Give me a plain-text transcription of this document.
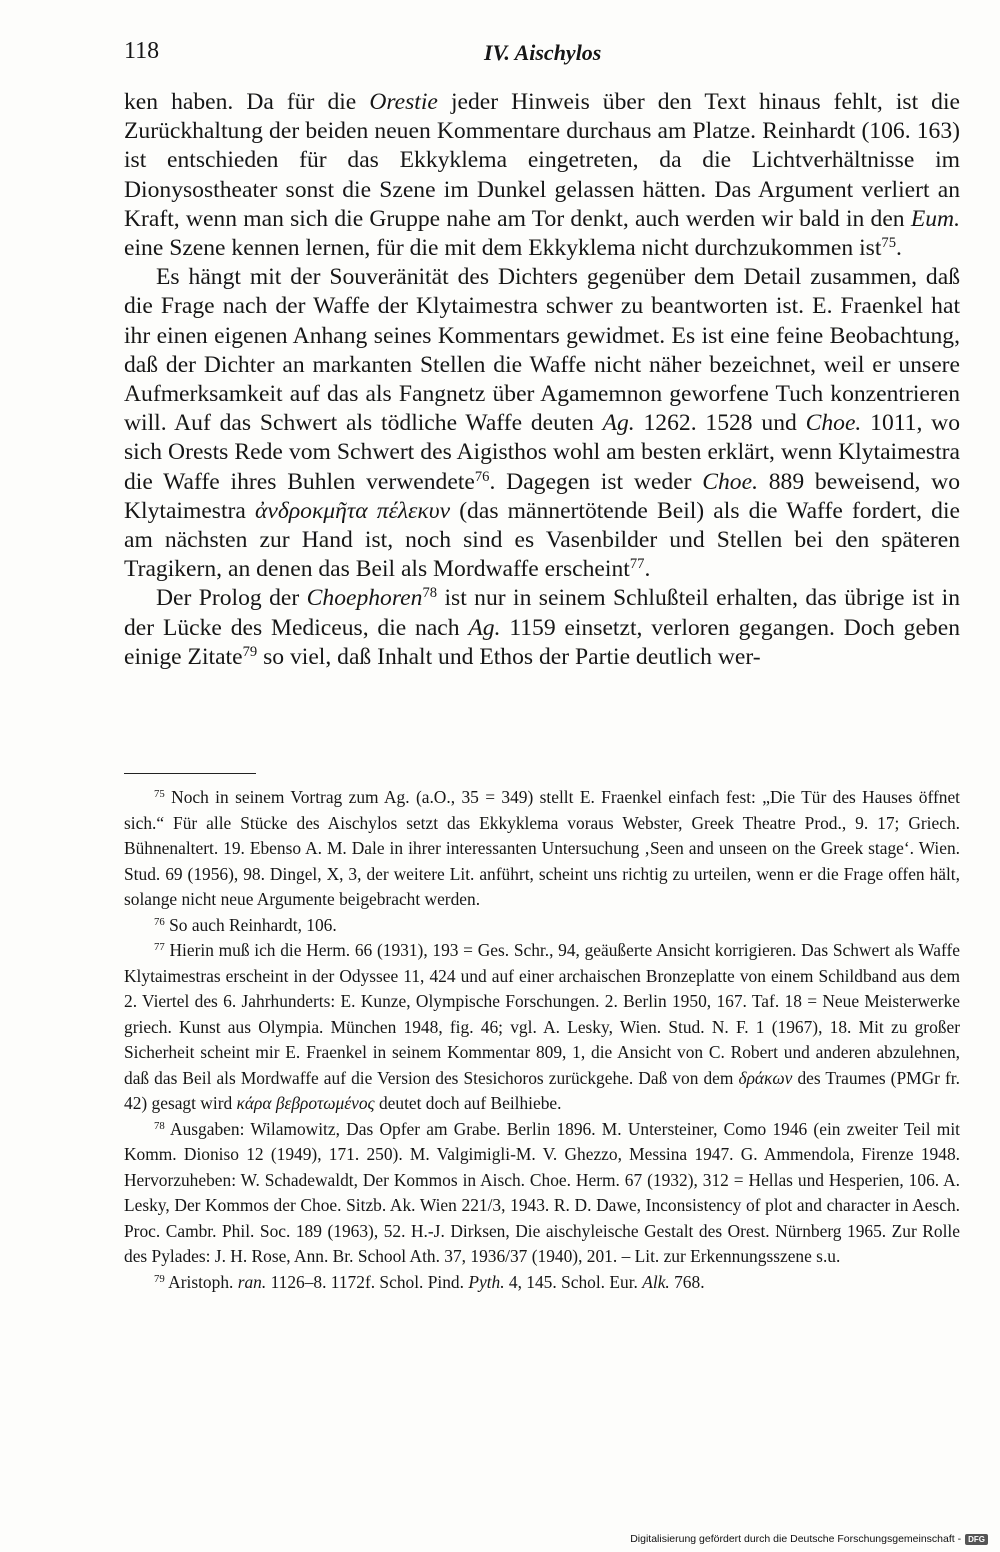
118	IV. Aischylos

ken haben. Da für die Orestie jeder Hinweis über den Text hinaus fehlt, ist die Zurückhaltung der beiden neuen Kommentare durchaus am Platze. Reinhardt (106. 163) ist entschieden für das Ekkyklema eingetreten, da die Lichtverhältnisse im Dionysostheater sonst die Szene im Dunkel gelassen hätten. Das Argument verliert an Kraft, wenn man sich die Gruppe nahe am Tor denkt, auch werden wir bald in den Eum. eine Szene kennen lernen, für die mit dem Ekkyklema nicht durchzukommen ist$^{75}$.

Es hängt mit der Souveränität des Dichters gegenüber dem Detail zusammen, daß die Frage nach der Waffe der Klytaimestra schwer zu beantworten ist. E. Fraenkel hat ihr einen eigenen Anhang seines Kommentars gewidmet. Es ist eine feine Beobachtung, daß der Dichter an markanten Stellen die Waffe nicht näher bezeichnet, weil er unsere Aufmerksamkeit auf das als Fangnetz über Agamemnon geworfene Tuch konzentrieren will. Auf das Schwert als tödliche Waffe deuten Ag. 1262. 1528 und Choe. 1011, wo sich Orests Rede vom Schwert des Aigisthos wohl am besten erklärt, wenn Klytaimestra die Waffe ihres Buhlen verwendete$^{76}$. Dagegen ist weder Choe. 889 beweisend, wo Klytaimestra ἀνδροκμῆτα πέλεκυν (das männertötende Beil) als die Waffe fordert, die am nächsten zur Hand ist, noch sind es Vasenbilder und Stellen bei den späteren Tragikern, an denen das Beil als Mordwaffe erscheint$^{77}$.

Der Prolog der Choephoren$^{78}$ ist nur in seinem Schlußteil erhalten, das übrige ist in der Lücke des Mediceus, die nach Ag. 1159 einsetzt, verloren gegangen. Doch geben einige Zitate$^{79}$ so viel, daß Inhalt und Ethos der Partie deutlich wer-

$^{75}$ Noch in seinem Vortrag zum Ag. (a.O., 35 = 349) stellt E. Fraenkel einfach fest: „Die Tür des Hauses öffnet sich.“ Für alle Stücke des Aischylos setzt das Ekkyklema voraus Webster, Greek Theatre Prod., 9. 17; Griech. Bühnenaltert. 19. Ebenso A. M. Dale in ihrer interessanten Untersuchung ‚Seen and unseen on the Greek stage‘. Wien. Stud. 69 (1956), 98. Dingel, X, 3, der weitere Lit. anführt, scheint uns richtig zu urteilen, wenn er die Frage offen hält, solange nicht neue Argumente beigebracht werden.

$^{76}$ So auch Reinhardt, 106.

$^{77}$ Hierin muß ich die Herm. 66 (1931), 193 = Ges. Schr., 94, geäußerte Ansicht korrigieren. Das Schwert als Waffe Klytaimestras erscheint in der Odyssee 11, 424 und auf einer archaischen Bronzeplatte von einem Schildband aus dem 2. Viertel des 6. Jahrhunderts: E. Kunze, Olympische Forschungen. 2. Berlin 1950, 167. Taf. 18 = Neue Meisterwerke griech. Kunst aus Olympia. München 1948, fig. 46; vgl. A. Lesky, Wien. Stud. N. F. 1 (1967), 18. Mit zu großer Sicherheit scheint mir E. Fraenkel in seinem Kommentar 809, 1, die Ansicht von C. Robert und anderen abzulehnen, daß das Beil als Mordwaffe auf die Version des Stesichoros zurückgehe. Daß von dem δράκων des Traumes (PMGr fr. 42) gesagt wird κάρα βεβροτωμένος deutet doch auf Beilhiebe.

$^{78}$ Ausgaben: Wilamowitz, Das Opfer am Grabe. Berlin 1896. M. Untersteiner, Como 1946 (ein zweiter Teil mit Komm. Dioniso 12 (1949), 171. 250). M. Valgimigli-M. V. Ghezzo, Messina 1947. G. Ammendola, Firenze 1948. Hervorzuheben: W. Schadewaldt, Der Kommos in Aisch. Choe. Herm. 67 (1932), 312 = Hellas und Hesperien, 106. A. Lesky, Der Kommos der Choe. Sitzb. Ak. Wien 221/3, 1943. R. D. Dawe, Inconsistency of plot and character in Aesch. Proc. Cambr. Phil. Soc. 189 (1963), 52. H.-J. Dirksen, Die aischyleische Gestalt des Orest. Nürnberg 1965. Zur Rolle des Pylades: J. H. Rose, Ann. Br. School Ath. 37, 1936/37 (1940), 201. – Lit. zur Erkennungsszene s.u.

$^{79}$ Aristoph. ran. 1126–8. 1172f. Schol. Pind. Pyth. 4, 145. Schol. Eur. Alk. 768.

Digitalisierung gefördert durch die Deutsche Forschungsgemeinschaft - DFG
